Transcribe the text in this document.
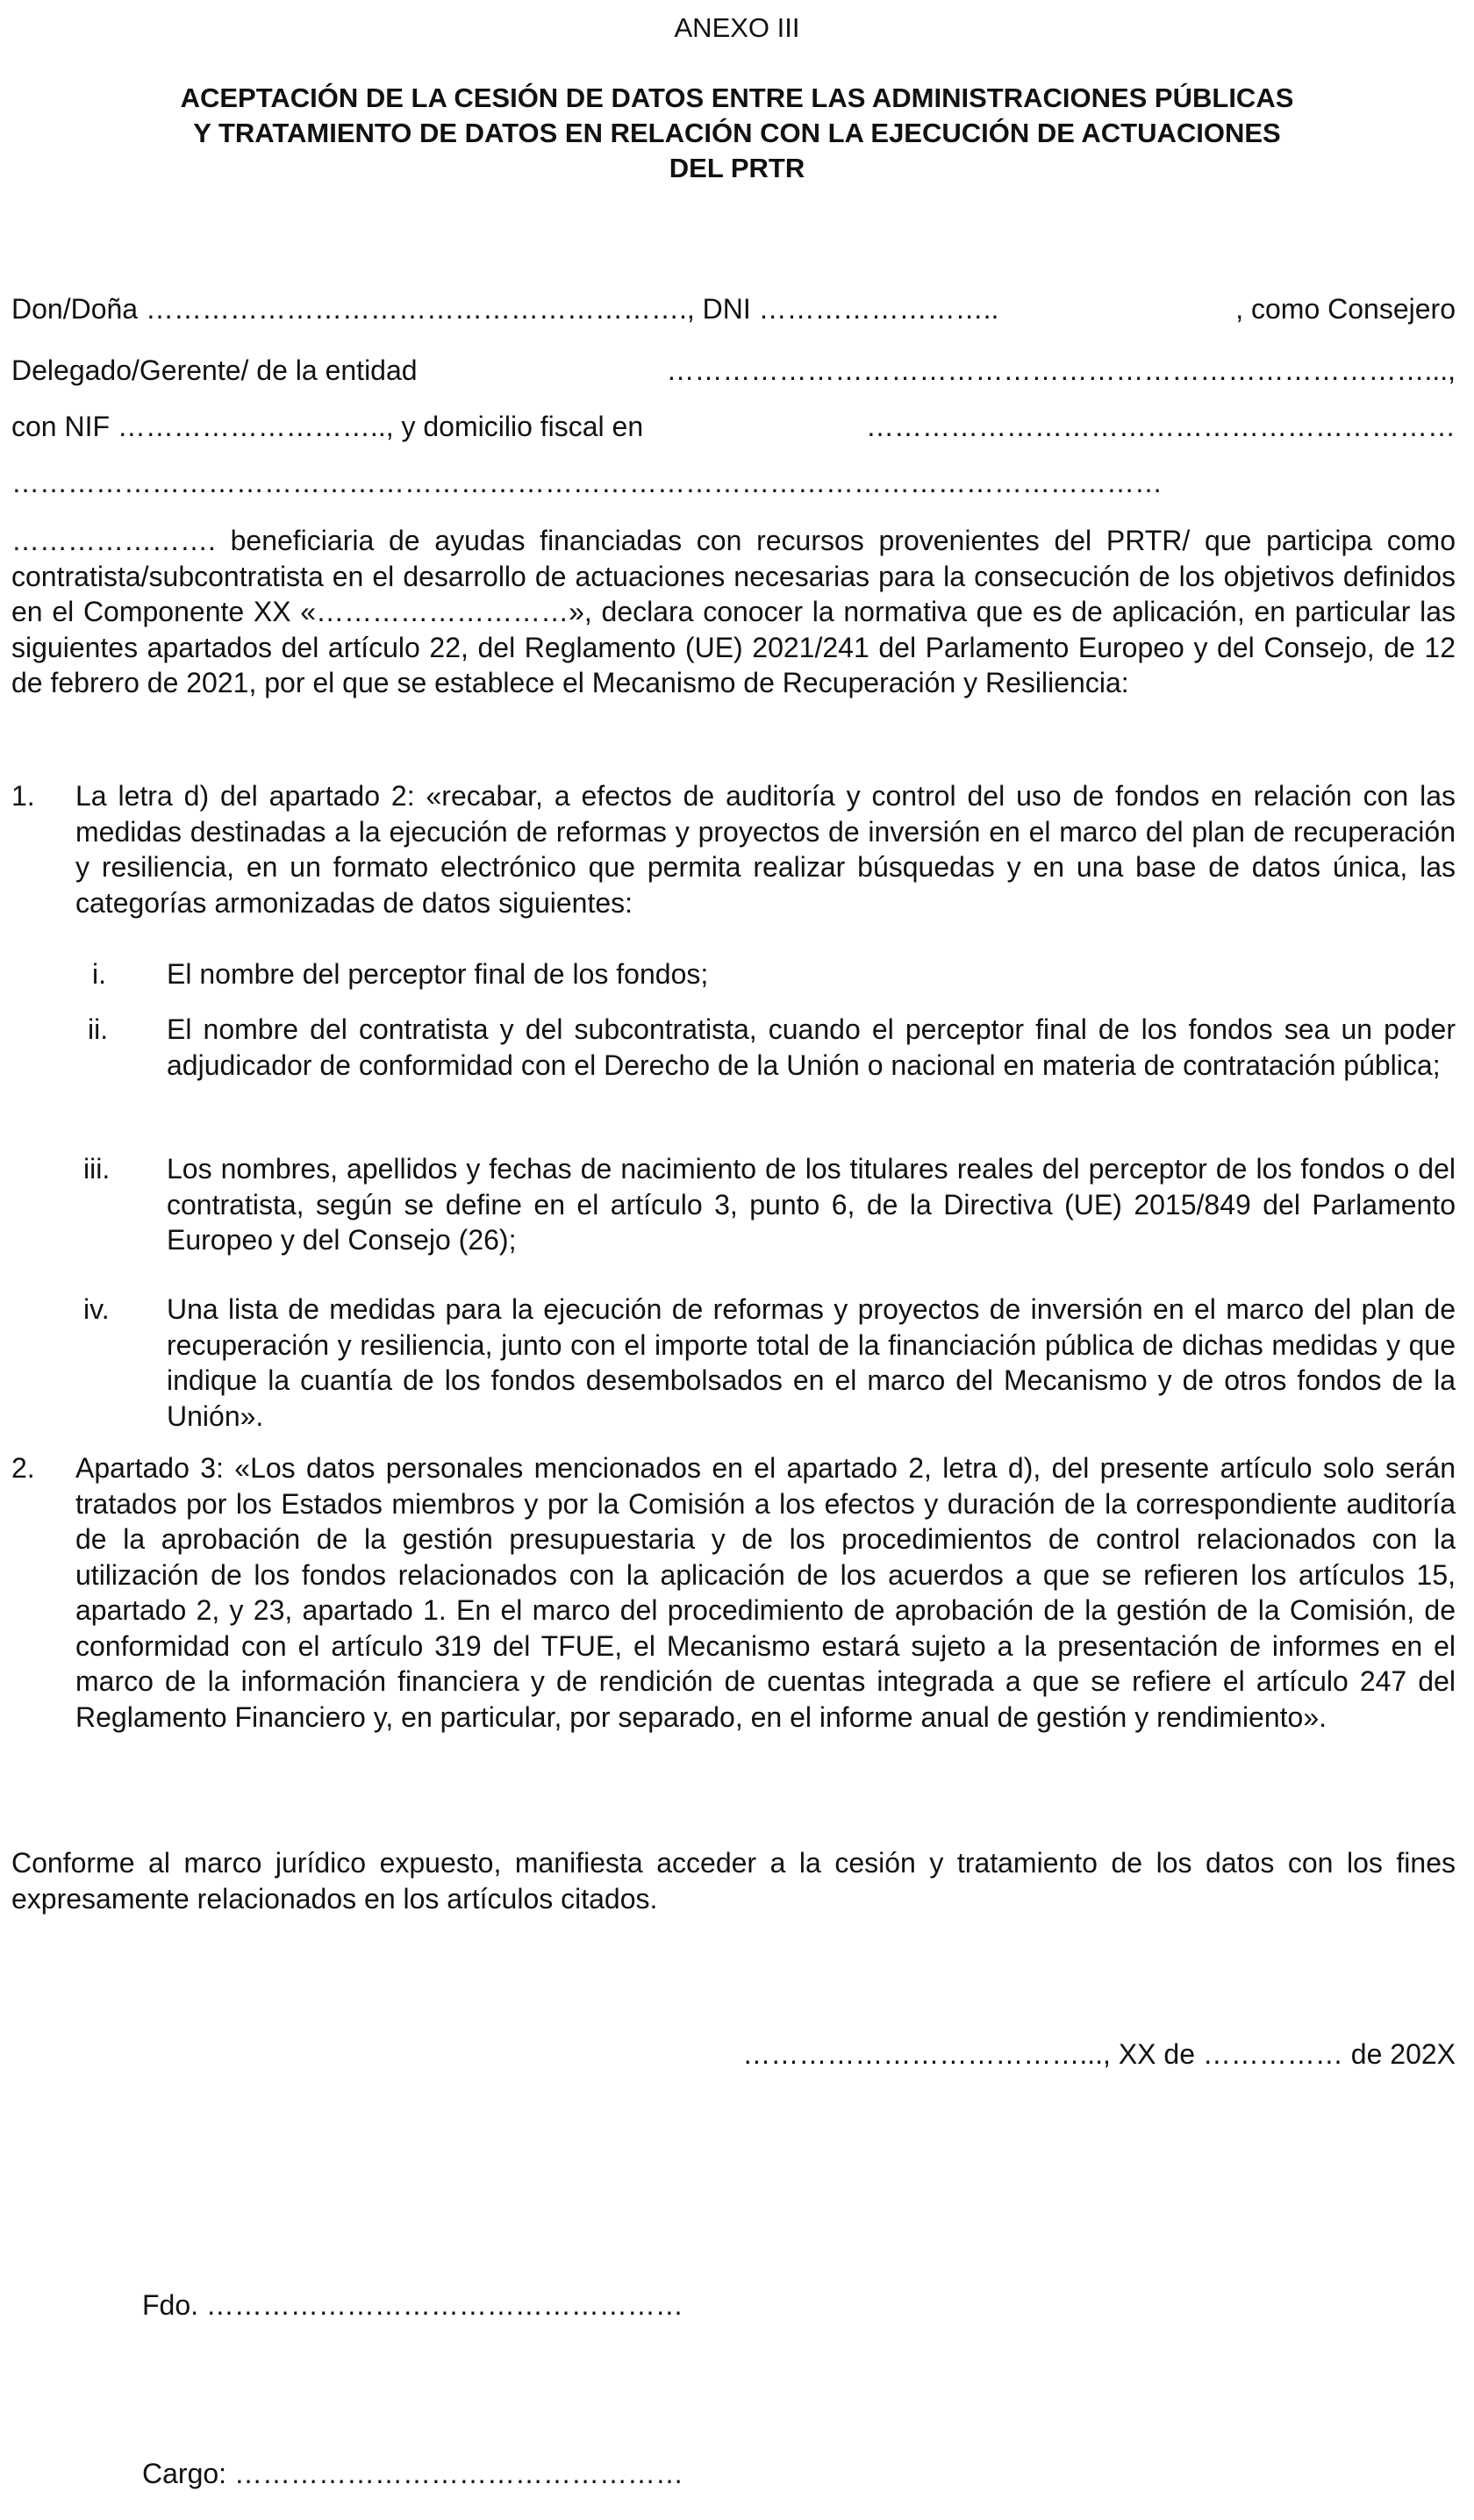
ANEXO III
ACEPTACIÓN DE LA CESIÓN DE DATOS ENTRE LAS ADMINISTRACIONES PÚBLICAS
Y TRATAMIENTO DE DATOS EN RELACIÓN CON LA EJECUCIÓN DE ACTUACIONES
DEL PRTR
Don/Doña …………………………………………………. , DNI ……………………..	, como Consejero
Delegado/Gerente/ de la entidad	………………………………………………………………………... ,
con NIF ……………………….. , y domicilio fiscal en	………………………………………………………
……………………………………………………………………………………………………………
…………………. beneficiaria de ayudas financiadas con recursos provenientes del PRTR/ que participa como contratista/subcontratista en el desarrollo de actuaciones necesarias para la consecución de los objetivos definidos en el Componente XX «………………………», declara conocer la normativa que es de aplicación, en particular las siguientes apartados del artículo 22, del Reglamento (UE) 2021/241 del Parlamento Europeo y del Consejo, de 12 de febrero de 2021, por el que se establece el Mecanismo de Recuperación y Resiliencia:
1. La letra d) del apartado 2: «recabar, a efectos de auditoría y control del uso de fondos en relación con las medidas destinadas a la ejecución de reformas y proyectos de inversión en el marco del plan de recuperación y resiliencia, en un formato electrónico que permita realizar búsquedas y en una base de datos única, las categorías armonizadas de datos siguientes:
i. El nombre del perceptor final de los fondos;
ii. El nombre del contratista y del subcontratista, cuando el perceptor final de los fondos sea un poder adjudicador de conformidad con el Derecho de la Unión o nacional en materia de contratación pública;
iii. Los nombres, apellidos y fechas de nacimiento de los titulares reales del perceptor de los fondos o del contratista, según se define en el artículo 3, punto 6, de la Directiva (UE) 2015/849 del Parlamento Europeo y del Consejo (26);
iv. Una lista de medidas para la ejecución de reformas y proyectos de inversión en el marco del plan de recuperación y resiliencia, junto con el importe total de la financiación pública de dichas medidas y que indique la cuantía de los fondos desembolsados en el marco del Mecanismo y de otros fondos de la Unión».
2. Apartado 3: «Los datos personales mencionados en el apartado 2, letra d), del presente artículo solo serán tratados por los Estados miembros y por la Comisión a los efectos y duración de la correspondiente auditoría de la aprobación de la gestión presupuestaria y de los procedimientos de control relacionados con la utilización de los fondos relacionados con la aplicación de los acuerdos a que se refieren los artículos 15, apartado 2, y 23, apartado 1. En el marco del procedimiento de aprobación de la gestión de la Comisión, de conformidad con el artículo 319 del TFUE, el Mecanismo estará sujeto a la presentación de informes en el marco de la información financiera y de rendición de cuentas integrada a que se refiere el artículo 247 del Reglamento Financiero y, en particular, por separado, en el informe anual de gestión y rendimiento».
Conforme al marco jurídico expuesto, manifiesta acceder a la cesión y tratamiento de los datos con los fines expresamente relacionados en los artículos citados.
………………………………..., XX de …………… de 202X
Fdo. ……………………………………………
Cargo: …………………………………………
